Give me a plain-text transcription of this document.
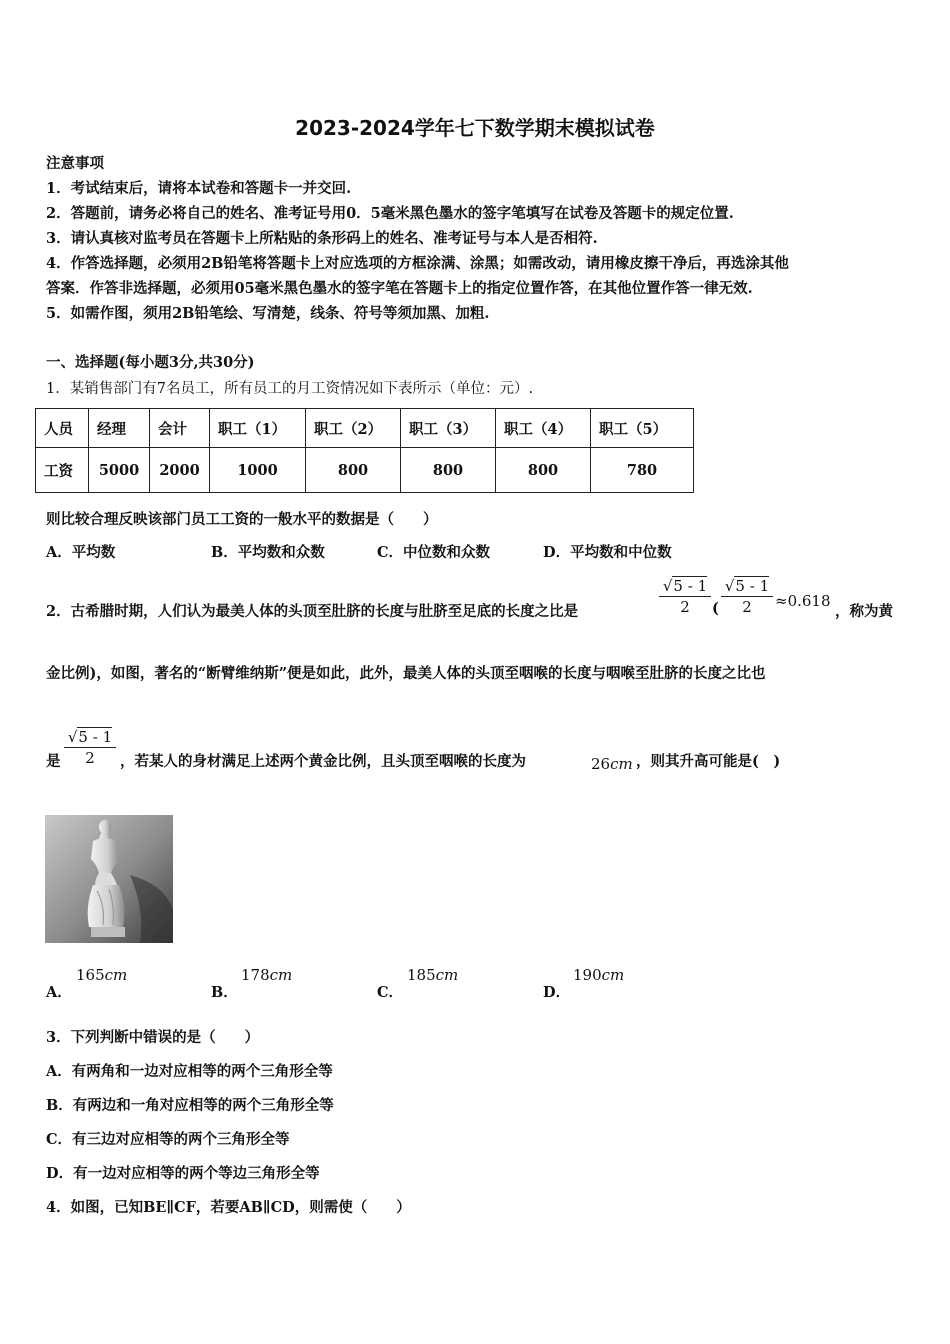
2023-2024学年七下数学期末模拟试卷
注意事项
1．考试结束后，请将本试卷和答题卡一并交回.
2．答题前，请务必将自己的姓名、准考证号用0．5毫米黑色墨水的签字笔填写在试卷及答题卡的规定位置.
3．请认真核对监考员在答题卡上所粘贴的条形码上的姓名、准考证号与本人是否相符.
4．作答选择题，必须用2B铅笔将答题卡上对应选项的方框涂满、涂黑；如需改动，请用橡皮擦干净后，再选涂其他
答案．作答非选择题，必须用05毫米黑色墨水的签字笔在答题卡上的指定位置作答，在其他位置作答一律无效.
5．如需作图，须用2B铅笔绘、写清楚，线条、符号等须加黑、加粗.
一、选择题(每小题3分,共30分)
1．某销售部门有7名员工，所有员工的月工资情况如下表所示（单位：元）.
人员	经理	会计	职工（1）	职工（2）	职工（3）	职工（4）	职工（5）
工资	5000	2000	1000	800	800	800	780
则比较合理反映该部门员工工资的一般水平的数据是（　　）
A．平均数	B．平均数和众数	C．中位数和众数	D．平均数和中位数
2．古希腊时期，人们认为最美人体的头顶至肚脐的长度与肚脐至足底的长度之比是	$\frac{√5 - 1}{2}$ ( $\frac{√5 - 1}{2} \approx 0.618$
，称为黄
金比例)，如图，著名的“断臂维纳斯”便是如此，此外，最美人体的头顶至咽喉的长度与咽喉至肚脐的长度之比也
是 $\frac{√5 - 1}{2}$ ，若某人的身材满足上述两个黄金比例，且头顶至咽喉的长度为	26cm ，则其升高可能是(　)
A．
165cm
B．
178cm
C．
185cm
D．
190cm
3．下列判断中错误的是（　　）
A．有两角和一边对应相等的两个三角形全等
B．有两边和一角对应相等的两个三角形全等
C．有三边对应相等的两个三角形全等
D．有一边对应相等的两个等边三角形全等
4．如图，已知BE∥CF，若要AB∥CD，则需使（　　）
